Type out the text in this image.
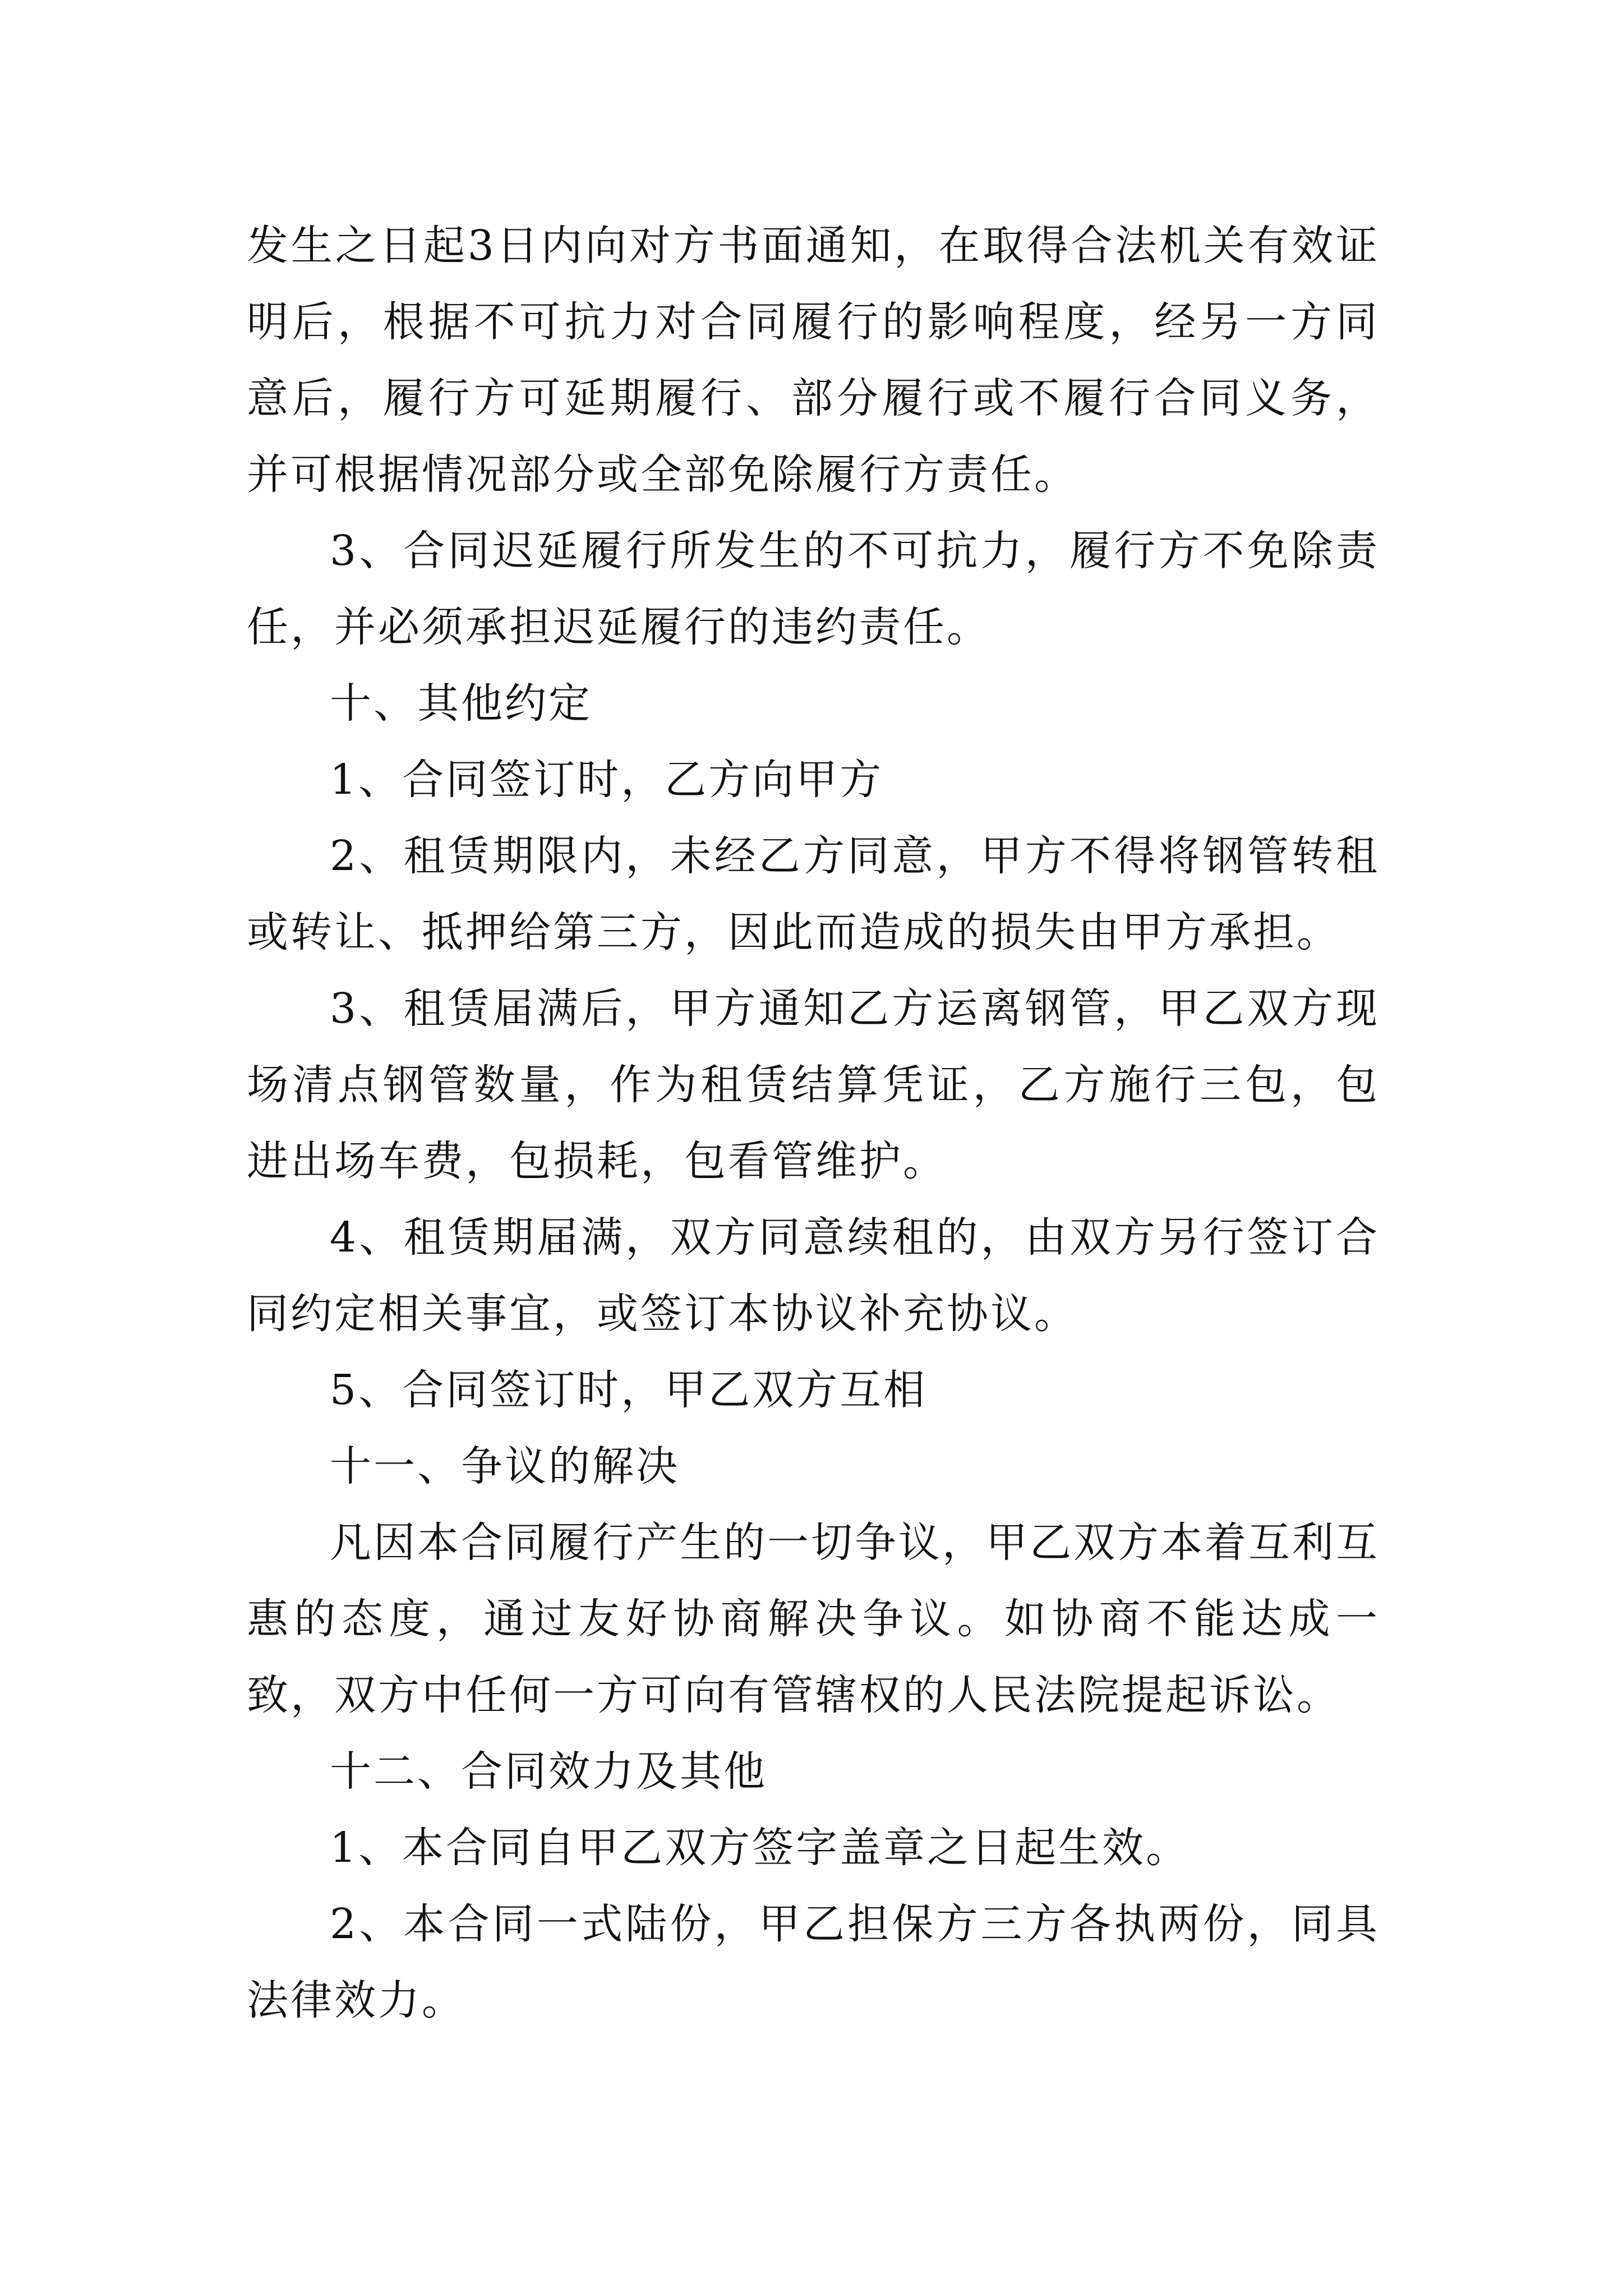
发生之日起3日内向对方书面通知，在取得合法机关有效证明后，根据不可抗力对合同履行的影响程度，经另一方同意后，履行方可延期履行、部分履行或不履行合同义务，并可根据情况部分或全部免除履行方责任。

3、合同迟延履行所发生的不可抗力，履行方不免除责任，并必须承担迟延履行的违约责任。

十、其他约定

1、合同签订时，乙方向甲方

2、租赁期限内，未经乙方同意，甲方不得将钢管转租或转让、抵押给第三方，因此而造成的损失由甲方承担。

3、租赁届满后，甲方通知乙方运离钢管，甲乙双方现场清点钢管数量，作为租赁结算凭证，乙方施行三包，包进出场车费，包损耗，包看管维护。

4、租赁期届满，双方同意续租的，由双方另行签订合同约定相关事宜，或签订本协议补充协议。

5、合同签订时，甲乙双方互相

十一、争议的解决

凡因本合同履行产生的一切争议，甲乙双方本着互利互惠的态度，通过友好协商解决争议。如协商不能达成一致，双方中任何一方可向有管辖权的人民法院提起诉讼。

十二、合同效力及其他

1、本合同自甲乙双方签字盖章之日起生效。

2、本合同一式陆份，甲乙担保方三方各执两份，同具法律效力。
